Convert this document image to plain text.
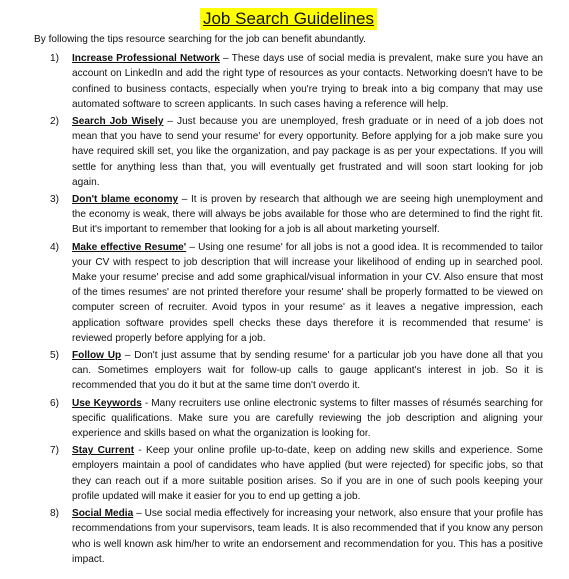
Job Search Guidelines

By following the tips resource searching for the job can benefit abundantly.

1) Increase Professional Network – These days use of social media is prevalent, make sure you have an account on LinkedIn and add the right type of resources as your contacts. Networking doesn't have to be confined to business contacts, especially when you're trying to break into a big company that may use automated software to screen applicants. In such cases having a reference will help.
2) Search Job Wisely – Just because you are unemployed, fresh graduate or in need of a job does not mean that you have to send your resume' for every opportunity. Before applying for a job make sure you have required skill set, you like the organization, and pay package is as per your expectations. If you will settle for anything less than that, you will eventually get frustrated and will soon start looking for job again.
3) Don't blame economy – It is proven by research that although we are seeing high unemployment and the economy is weak, there will always be jobs available for those who are determined to find the right fit. But it's important to remember that looking for a job is all about marketing yourself.
4) Make effective Resume' – Using one resume' for all jobs is not a good idea. It is recommended to tailor your CV with respect to job description that will increase your likelihood of ending up in searched pool. Make your resume' precise and add some graphical/visual information in your CV. Also ensure that most of the times resumes' are not printed therefore your resume' shall be properly formatted to be viewed on computer screen of recruiter. Avoid typos in your resume' as it leaves a negative impression, each application software provides spell checks these days therefore it is recommended that resume' is reviewed properly before applying for a job.
5) Follow Up – Don't just assume that by sending resume' for a particular job you have done all that you can. Sometimes employers wait for follow-up calls to gauge applicant's interest in job. So it is recommended that you do it but at the same time don't overdo it.
6) Use Keywords - Many recruiters use online electronic systems to filter masses of résumés searching for specific qualifications. Make sure you are carefully reviewing the job description and aligning your experience and skills based on what the organization is looking for.
7) Stay Current - Keep your online profile up-to-date, keep on adding new skills and experience. Some employers maintain a pool of candidates who have applied (but were rejected) for specific jobs, so that they can reach out if a more suitable position arises. So if you are in one of such pools keeping your profile updated will make it easier for you to end up getting a job.
8) Social Media – Use social media effectively for increasing your network, also ensure that your profile has recommendations from your supervisors, team leads. It is also recommended that if you know any person who is well known ask him/her to write an endorsement and recommendation for you. This has a positive impact.
